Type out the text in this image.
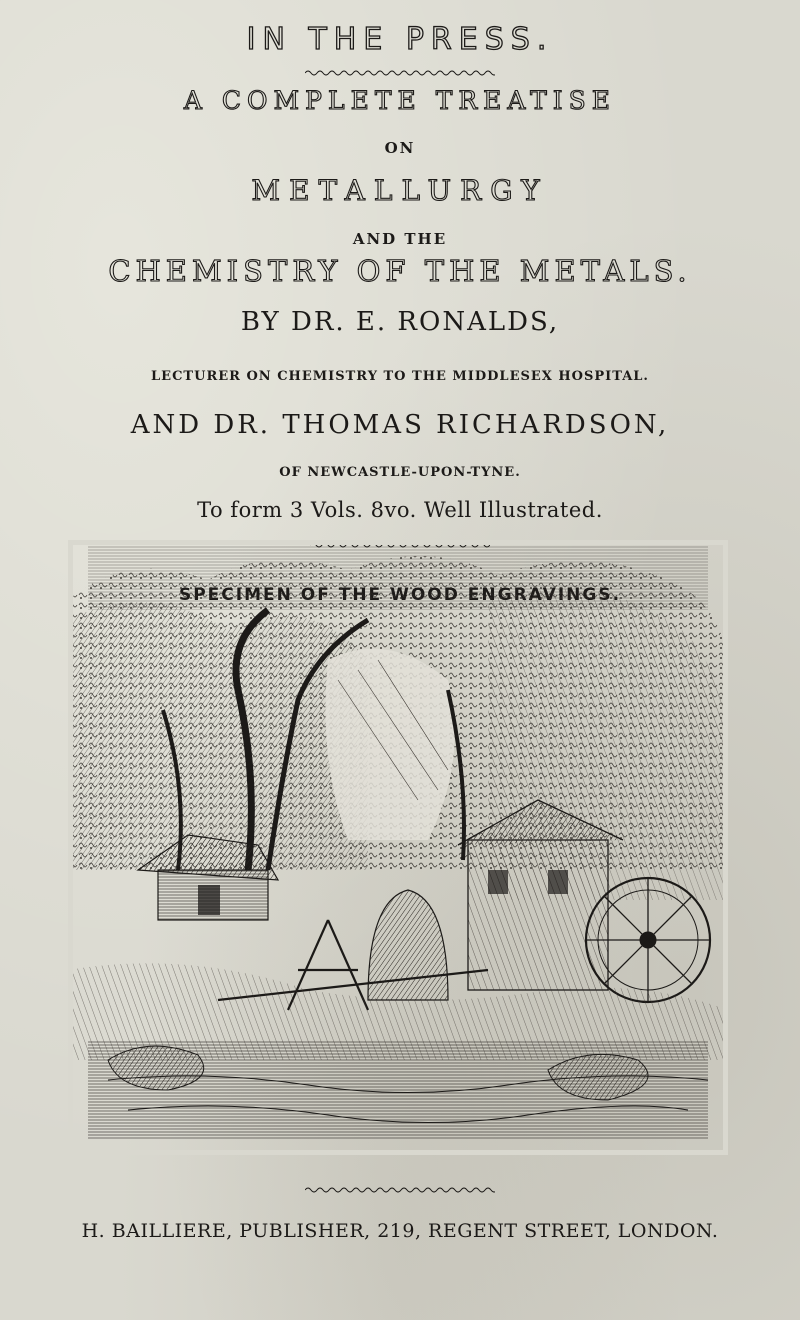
IN THE PRESS.
A COMPLETE TREATISE
ON
METALLURGY
AND THE
CHEMISTRY OF THE METALS.
BY DR. E. RONALDS,
LECTURER ON CHEMISTRY TO THE MIDDLESEX HOSPITAL.
AND DR. THOMAS RICHARDSON,
OF NEWCASTLE-UPON-TYNE.
To form 3 Vols. 8vo. Well Illustrated.
H. BAILLIERE, PUBLISHER, 219, REGENT STREET, LONDON.
